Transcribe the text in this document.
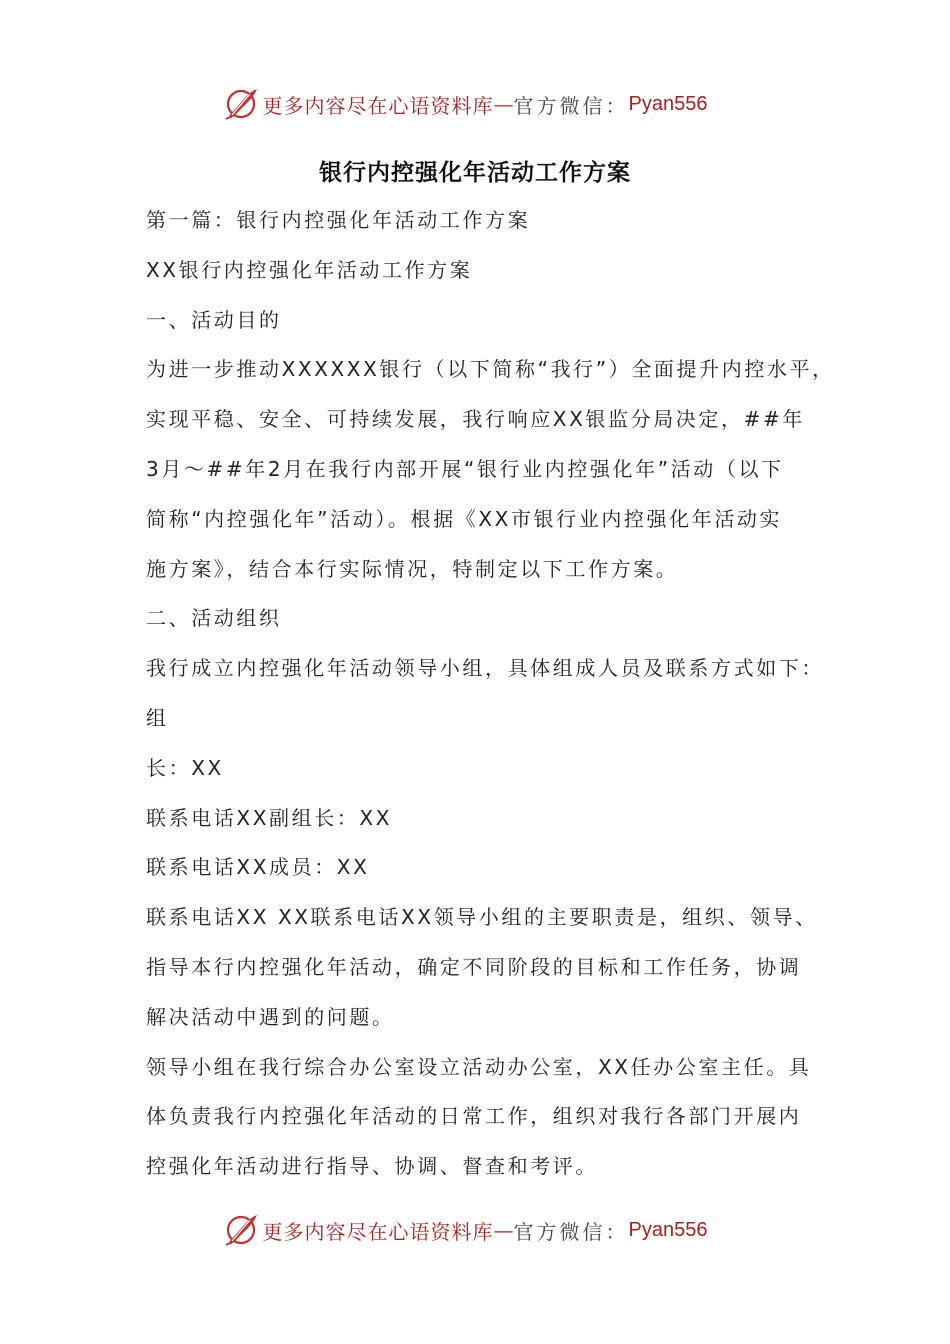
更多内容尽在心语资料库 — 官方微信： Pyan556
银行内控强化年活动工作方案
第一篇：银行内控强化年活动工作方案
XX银行内控强化年活动工作方案
一、活动目的
为进一步推动XXXXXX银行（以下简称“我行”）全面提升内控水平，
实现平稳、安全、可持续发展，我行响应XX银监分局决定，##年
3月～##年2月在我行内部开展“银行业内控强化年”活动（以下
简称“内控强化年”活动）。根据《XX市银行业内控强化年活动实
施方案》，结合本行实际情况，特制定以下工作方案。
二、活动组织
我行成立内控强化年活动领导小组，具体组成人员及联系方式如下：
组
长：XX
联系电话XX副组长：XX
联系电话XX成员：XX
联系电话XX XX联系电话XX领导小组的主要职责是，组织、领导、
指导本行内控强化年活动，确定不同阶段的目标和工作任务，协调
解决活动中遇到的问题。
领导小组在我行综合办公室设立活动办公室，XX任办公室主任。具
体负责我行内控强化年活动的日常工作，组织对我行各部门开展内
控强化年活动进行指导、协调、督查和考评。
更多内容尽在心语资料库 — 官方微信： Pyan556
